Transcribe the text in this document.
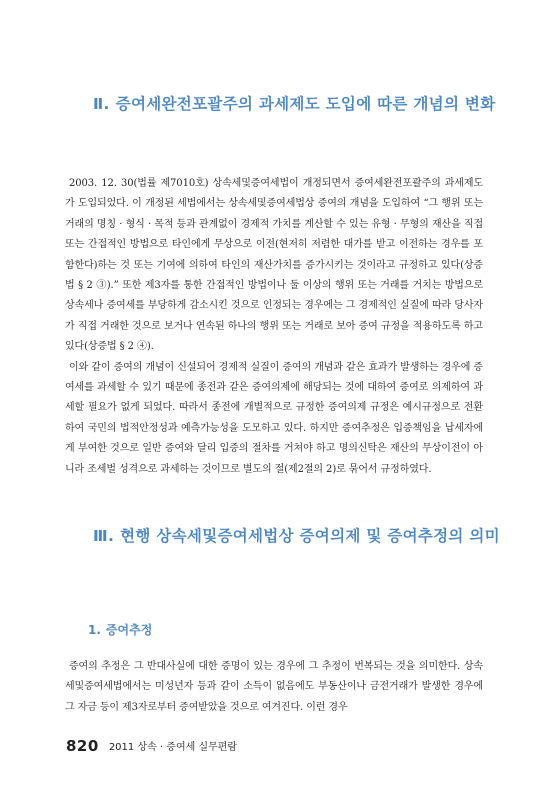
Ⅱ. 증여세완전포괄주의 과세제도 도입에 따른 개념의 변화

2003. 12. 30(법률 제7010호) 상속세및증여세법이 개정되면서 증여세완전포괄주의 과세제도가 도입되었다. 이 개정된 세법에서는 상속세및증여세법상 증여의 개념을 도입하여 “그 행위 또는 거래의 명칭 · 형식 · 목적 등과 관계없이 경제적 가치를 계산할 수 있는 유형 · 무형의 재산을 직접 또는 간접적인 방법으로 타인에게 무상으로 이전(현저히 저렴한 대가를 받고 이전하는 경우를 포함한다)하는 것 또는 기여에 의하여 타인의 재산가치를 증가시키는 것이라고 규정하고 있다(상증법 § 2 ③).” 또한 제3자를 통한 간접적인 방법이나 둘 이상의 행위 또는 거래를 거치는 방법으로 상속세나 증여세를 부당하게 감소시킨 것으로 인정되는 경우에는 그 경제적인 실질에 따라 당사자가 직접 거래한 것으로 보거나 연속된 하나의 행위 또는 거래로 보아 증여 규정을 적용하도록 하고 있다(상증법 § 2 ④).

이와 같이 증여의 개념이 신설되어 경제적 실질이 증여의 개념과 같은 효과가 발생하는 경우에 증여세를 과세할 수 있기 때문에 종전과 같은 증여의제에 해당되는 것에 대하여 증여로 의제하여 과세할 필요가 없게 되었다. 따라서 종전에 개별적으로 규정한 증여의제 규정은 예시규정으로 전환하여 국민의 법적안정성과 예측가능성을 도모하고 있다. 하지만 증여추정은 입증책임을 납세자에게 부여한 것으로 일반 증여와 달리 입증의 절차를 거쳐야 하고 명의신탁은 재산의 무상이전이 아니라 조세벌 성격으로 과세하는 것이므로 별도의 절(제2절의 2)로 묶어서 규정하였다.

Ⅲ. 현행 상속세및증여세법상 증여의제 및 증여추정의 의미
1. 증여추정

증여의 추정은 그 반대사실에 대한 증명이 있는 경우에 그 추정이 번복되는 것을 의미한다. 상속세및증여세법에서는 미성년자 등과 같이 소득이 없음에도 부동산이나 금전거래가 발생한 경우에 그 자금 등이 제3자로부터 증여받았을 것으로 여겨진다. 이런 경우

820 2011 상속 · 증여세 실무편람
